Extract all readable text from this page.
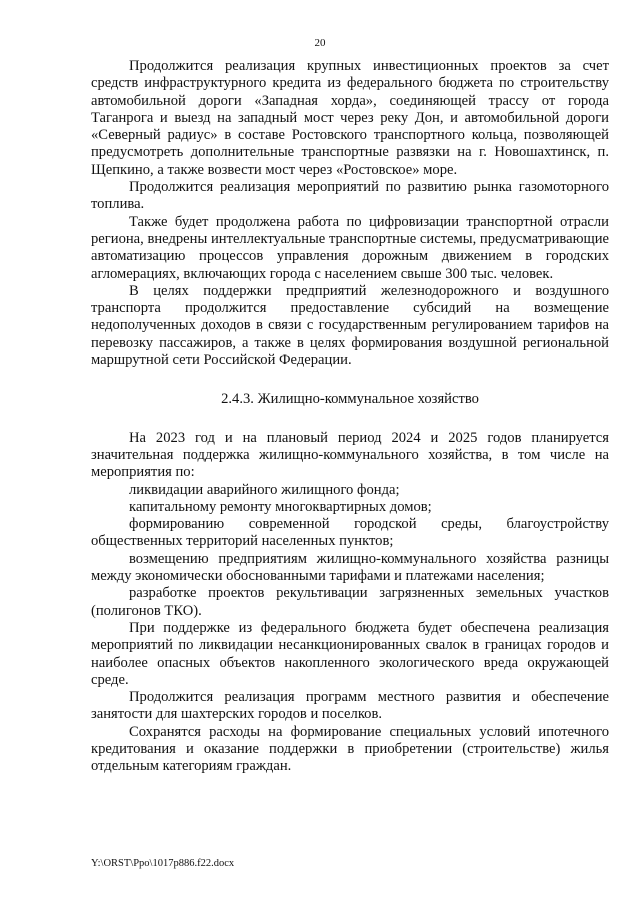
20

Продолжится реализация крупных инвестиционных проектов за счет средств инфраструктурного кредита из федерального бюджета по строительству автомобильной дороги «Западная хорда», соединяющей трассу от города Таганрога и выезд на западный мост через реку Дон, и автомобильной дороги «Северный радиус» в составе Ростовского транспортного кольца, позволяющей предусмотреть дополнительные транспортные развязки на г. Новошахтинск, п. Щепкино, а также возвести мост через «Ростовское» море.

Продолжится реализация мероприятий по развитию рынка газомоторного топлива.

Также будет продолжена работа по цифровизации транспортной отрасли региона, внедрены интеллектуальные транспортные системы, предусматривающие автоматизацию процессов управления дорожным движением в городских агломерациях, включающих города с населением свыше 300 тыс. человек.

В целях поддержки предприятий железнодорожного и воздушного транспорта продолжится предоставление субсидий на возмещение недополученных доходов в связи с государственным регулированием тарифов на перевозку пассажиров, а также в целях формирования воздушной региональной маршрутной сети Российской Федерации.

2.4.3. Жилищно-коммунальное хозяйство

На 2023 год и на плановый период 2024 и 2025 годов планируется значительная поддержка жилищно-коммунального хозяйства, в том числе на мероприятия по:

ликвидации аварийного жилищного фонда;

капитальному ремонту многоквартирных домов;

формированию современной городской среды, благоустройству общественных территорий населенных пунктов;

возмещению предприятиям жилищно-коммунального хозяйства разницы между экономически обоснованными тарифами и платежами населения;

разработке проектов рекультивации загрязненных земельных участков (полигонов ТКО).

При поддержке из федерального бюджета будет обеспечена реализация мероприятий по ликвидации несанкционированных свалок в границах городов и наиболее опасных объектов накопленного экологического вреда окружающей среде.

Продолжится реализация программ местного развития и обеспечение занятости для шахтерских городов и поселков.

Сохранятся расходы на формирование специальных условий ипотечного кредитования и оказание поддержки в приобретении (строительстве) жилья отдельным категориям граждан.

Y:\ORST\Ppo\1017p886.f22.docx
